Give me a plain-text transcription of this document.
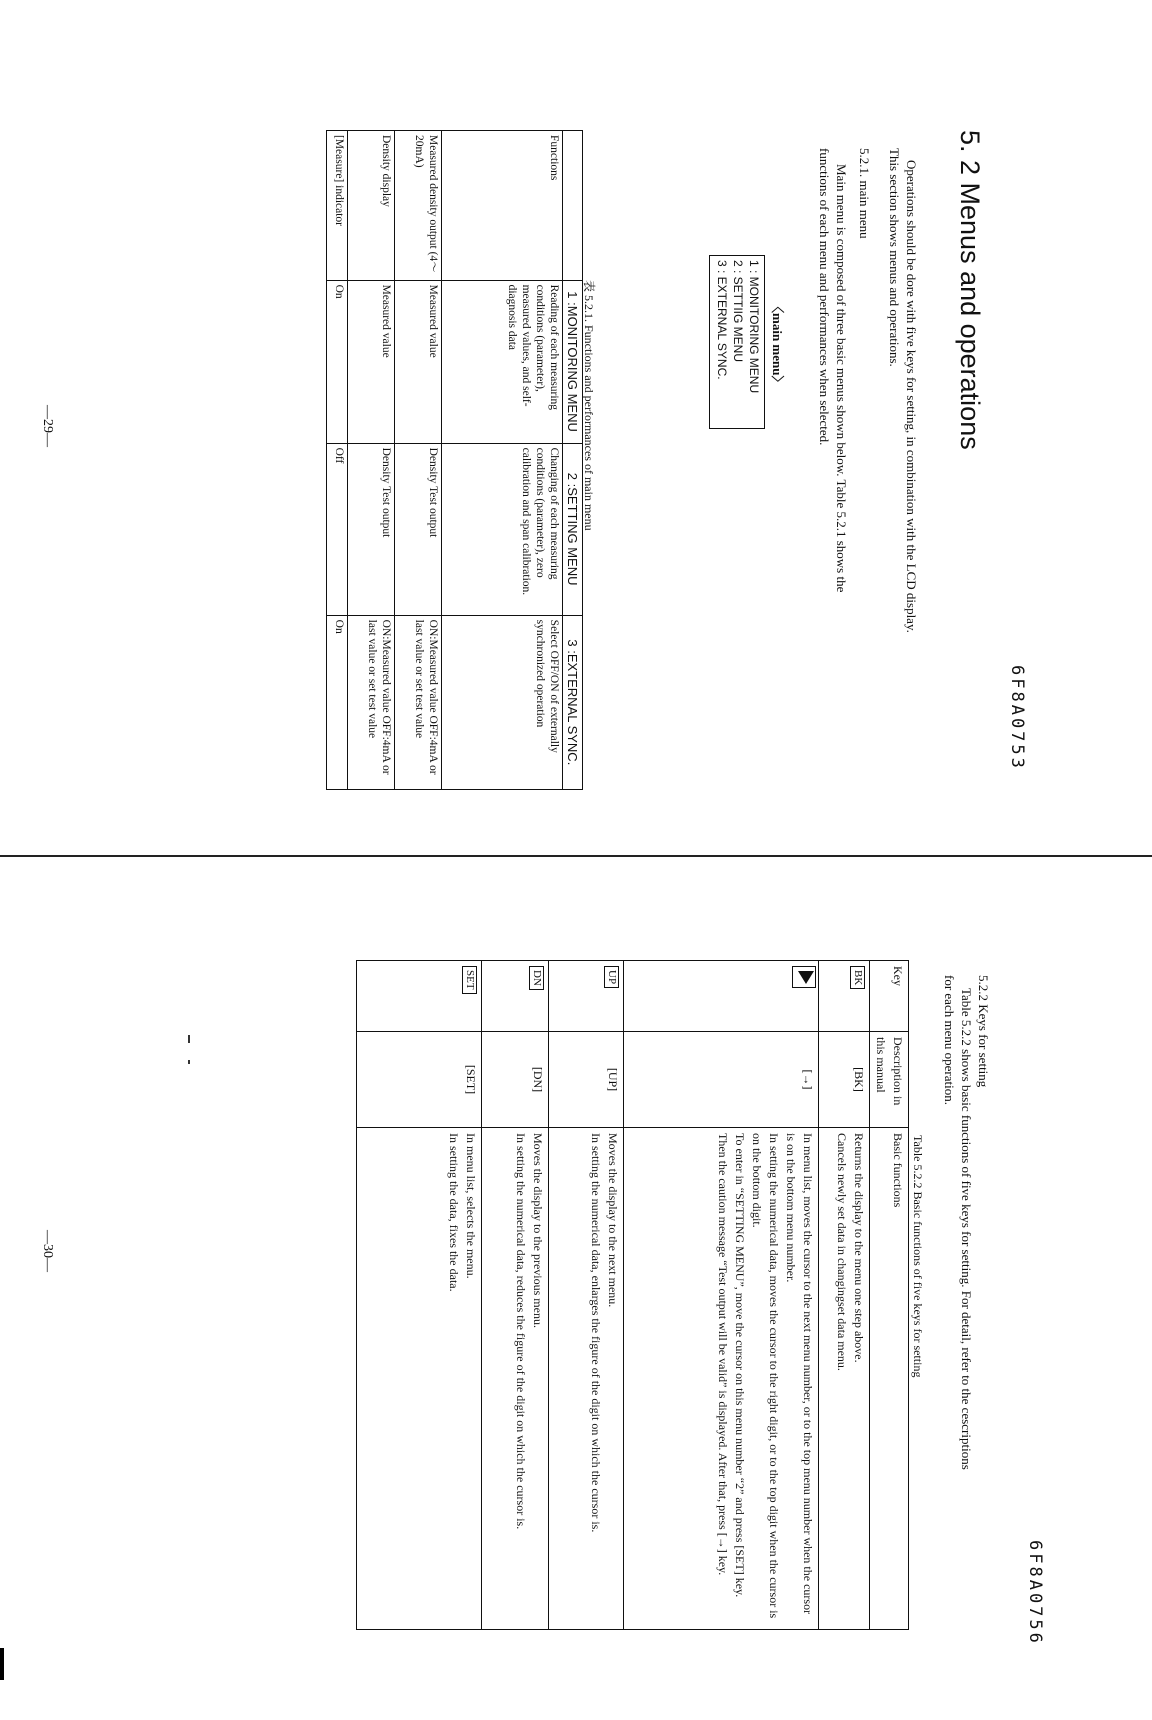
6F8A0753
5. 2 Menus and operations
Operations should be dore with five keys for setting, in combination with the LCD display.
This section shows menus and operations.
5.2.1. main menu
Main menu is composed of three basic menus shown below. Table 5.2.1 shows the
functions of each menu and performances when selected.
〈main menu〉
1 : MONITORING MENU
2 : SETTIIG MENU
3 : EXTERNAL SYNC.
表 5.2.1. Functions and performances of main menu
	1 :MONITORING MENU	2 :SETTING MENU	3 :EXTERNAL SYNC.
Functions	Reading of each measuring conditions (parameter), measured values, and self-diagnosis data	Changing of each measuring conditions (parameter), zero calibration and span calibration.	Select OFF/ON of externally synchronized operation
Measured density output (4～20mA)	Measured value	Density Test output	ON:Measured value OFF:4mA or last value or set test value
Density display	Measured value	Density Test output	ON:Measured value OFF:4mA or last value or set test value
[Measure] indicator	On	Off	On
—29—
6F8A0756
5.2.2 Keys for setting
Table 5.2.2 shows basic functions of five keys for setting. For detail, refer to the cescriptions
for each menu operation.
Table 5.2.2 Basic functions of five keys for setting
Key	Description in this manual	Basic functions
BK	[BK]	Returns the display to the menu one step above.
Cancels newly set data in changingset data menu.

	[→]	In menu list, moves the cursor to the next menu number, or to the top menu number when the cursor is on the bottom menu number.
In setting the numerical data, moves the cursor to the right digit, or to the top digit when the cursor is on the bottom digit.
To enter in “SETTING MENU”, move the cursor on this menu number “2” and press [SET] key. Then the caution message “Test output will be valid” is displayed. After that, press [→] key.

UP	[UP]	Moves the display to the next menu.
In setting the numerical data, enlarges the figure of the digit on which the cursor is.

DN	[DN]	Moves the display to the previous menu.
In setting the numerical data, reduces the figure of the digit on which the cursor is.

SET	[SET]	In menu list, selects the menu.
In setting the data, fixes the data.
—30—
